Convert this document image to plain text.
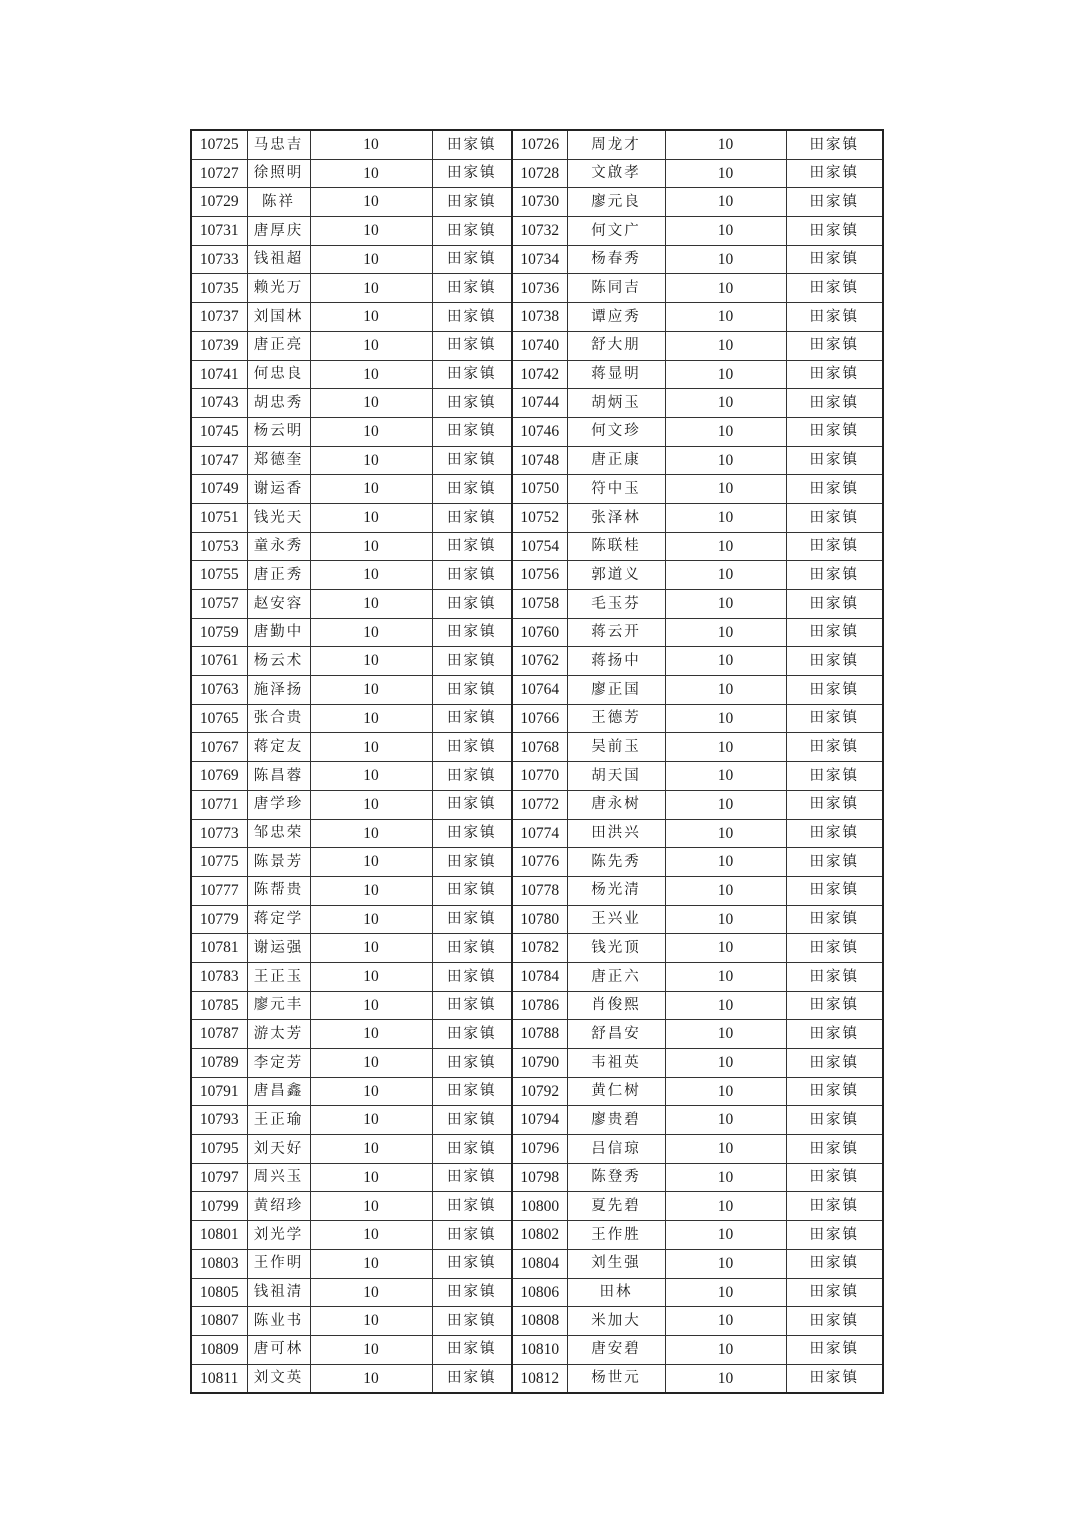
10725	马忠吉	10	田家镇	10726	周龙才	10	田家镇
10727	徐照明	10	田家镇	10728	文啟孝	10	田家镇
10729	陈祥	10	田家镇	10730	廖元良	10	田家镇
10731	唐厚庆	10	田家镇	10732	何文广	10	田家镇
10733	钱祖超	10	田家镇	10734	杨春秀	10	田家镇
10735	赖光万	10	田家镇	10736	陈同吉	10	田家镇
10737	刘国林	10	田家镇	10738	谭应秀	10	田家镇
10739	唐正亮	10	田家镇	10740	舒大朋	10	田家镇
10741	何忠良	10	田家镇	10742	蒋显明	10	田家镇
10743	胡忠秀	10	田家镇	10744	胡炳玉	10	田家镇
10745	杨云明	10	田家镇	10746	何文珍	10	田家镇
10747	郑德奎	10	田家镇	10748	唐正康	10	田家镇
10749	谢运香	10	田家镇	10750	符中玉	10	田家镇
10751	钱光天	10	田家镇	10752	张泽林	10	田家镇
10753	童永秀	10	田家镇	10754	陈联桂	10	田家镇
10755	唐正秀	10	田家镇	10756	郭道义	10	田家镇
10757	赵安容	10	田家镇	10758	毛玉芬	10	田家镇
10759	唐勤中	10	田家镇	10760	蒋云开	10	田家镇
10761	杨云术	10	田家镇	10762	蒋扬中	10	田家镇
10763	施泽扬	10	田家镇	10764	廖正国	10	田家镇
10765	张合贵	10	田家镇	10766	王德芳	10	田家镇
10767	蒋定友	10	田家镇	10768	吴前玉	10	田家镇
10769	陈昌蓉	10	田家镇	10770	胡天国	10	田家镇
10771	唐学珍	10	田家镇	10772	唐永树	10	田家镇
10773	邹忠荣	10	田家镇	10774	田洪兴	10	田家镇
10775	陈景芳	10	田家镇	10776	陈先秀	10	田家镇
10777	陈帮贵	10	田家镇	10778	杨光清	10	田家镇
10779	蒋定学	10	田家镇	10780	王兴业	10	田家镇
10781	谢运强	10	田家镇	10782	钱光顶	10	田家镇
10783	王正玉	10	田家镇	10784	唐正六	10	田家镇
10785	廖元丰	10	田家镇	10786	肖俊熙	10	田家镇
10787	游太芳	10	田家镇	10788	舒昌安	10	田家镇
10789	李定芳	10	田家镇	10790	韦祖英	10	田家镇
10791	唐昌鑫	10	田家镇	10792	黄仁树	10	田家镇
10793	王正瑜	10	田家镇	10794	廖贵碧	10	田家镇
10795	刘天好	10	田家镇	10796	吕信琼	10	田家镇
10797	周兴玉	10	田家镇	10798	陈登秀	10	田家镇
10799	黄绍珍	10	田家镇	10800	夏先碧	10	田家镇
10801	刘光学	10	田家镇	10802	王作胜	10	田家镇
10803	王作明	10	田家镇	10804	刘生强	10	田家镇
10805	钱祖清	10	田家镇	10806	田林	10	田家镇
10807	陈业书	10	田家镇	10808	米加大	10	田家镇
10809	唐可林	10	田家镇	10810	唐安碧	10	田家镇
10811	刘文英	10	田家镇	10812	杨世元	10	田家镇
